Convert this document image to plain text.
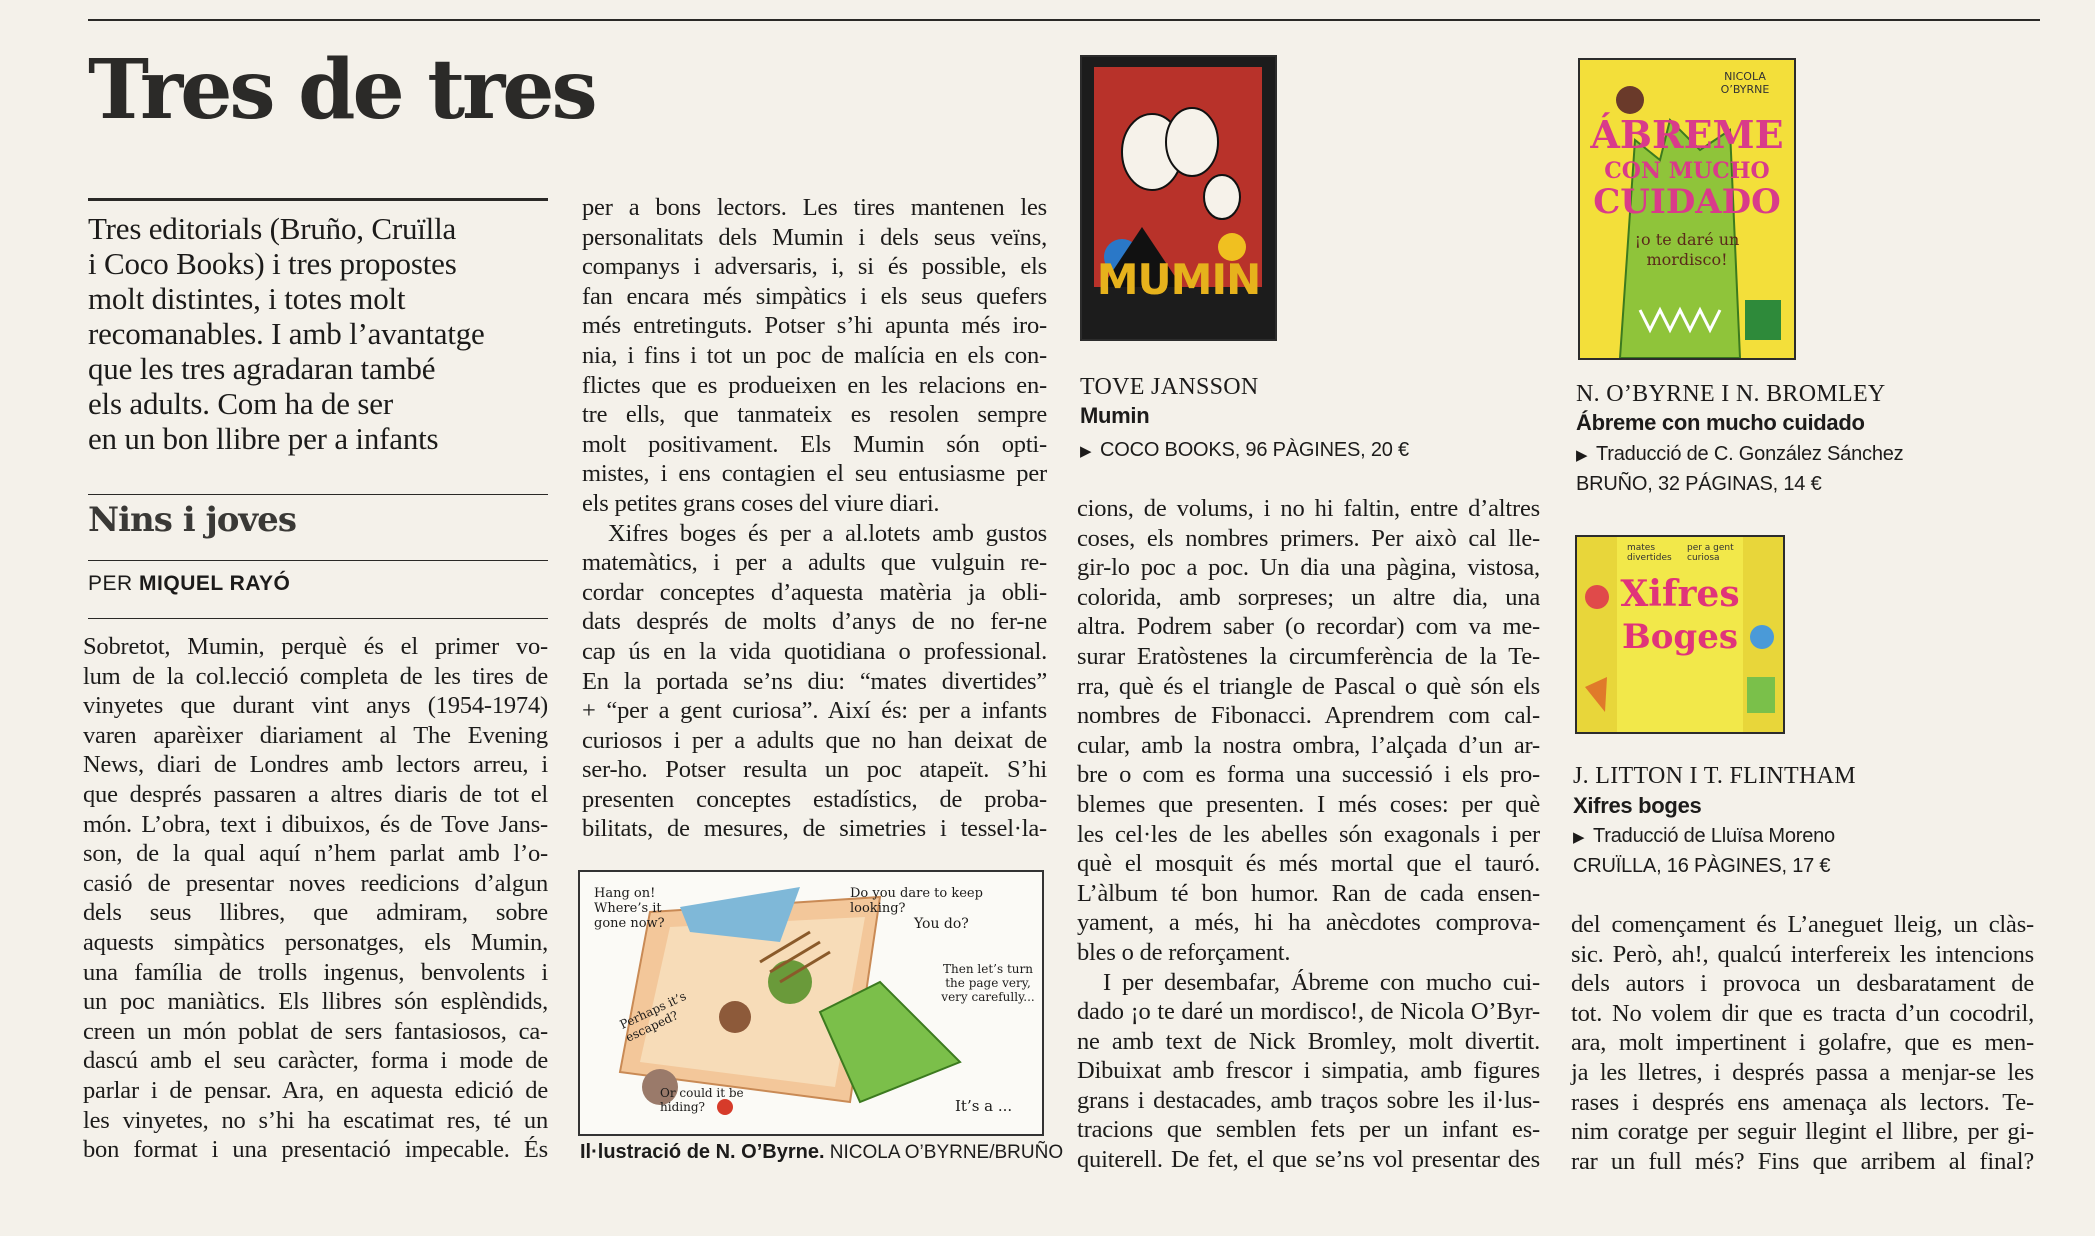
Tres de tres
Tres editorials (Bruño, Cruïlla
i Coco Books) i tres propostes
molt distintes, i totes molt
recomanables. I amb l’avantatge
que les tres agradaran també
els adults. Com ha de ser
en un bon llibre per a infants
Nins i joves
PER MIQUEL RAYÓ
Sobretot, Mumin, perquè és el primer vo-
lum de la col.lecció completa de les tires de
vinyetes que durant vint anys (1954-1974)
varen aparèixer diariament al The Evening
News, diari de Londres amb lectors arreu, i
que després passaren a altres diaris de tot el
món. L’obra, text i dibuixos, és de Tove Jans-
son, de la qual aquí n’hem parlat amb l’o-
casió de presentar noves reedicions d’algun
dels seus llibres, que admiram, sobre
aquests simpàtics personatges, els Mumin,
una família de trolls ingenus, benvolents i
un poc maniàtics. Els llibres són esplèndids,
creen un món poblat de sers fantasiosos, ca-
dascú amb el seu caràcter, forma i mode de
parlar i de pensar. Ara, en aquesta edició de
les vinyetes, no s’hi ha escatimat res, té un
bon format i una presentació impecable. És
per a bons lectors. Les tires mantenen les
personalitats dels Mumin i dels seus veïns,
companys i adversaris, i, si és possible, els
fan encara més simpàtics i els seus quefers
més entretinguts. Potser s’hi apunta més iro-
nia, i fins i tot un poc de malícia en els con-
flictes que es produeixen en les relacions en-
tre ells, que tanmateix es resolen sempre
molt positivament. Els Mumin són opti-
mistes, i ens contagien el seu entusiasme per
els petites grans coses del viure diari.
Xifres boges és per a al.lotets amb gustos
matemàtics, i per a adults que vulguin re-
cordar conceptes d’aquesta matèria ja obli-
dats després de molts d’anys de no fer-ne
cap ús en la vida quotidiana o professional.
En la portada se’ns diu: “mates divertides”
+ “per a gent curiosa”. Així és: per a infants
curiosos i per a adults que no han deixat de
ser-ho. Potser resulta un poc atapeït. S’hi
presenten conceptes estadístics, de proba-
bilitats, de mesures, de simetries i tessel·la-
Hang on! Where’s it gone now?
Do you dare to keep looking?
You do?
Then let’s turn the page very, very carefully...
Perhaps it’s escaped?
Or could it be hiding?	It’s a ...
Il·lustració de N. O’Byrne. NICOLA O’BYRNE/BRUÑO
MUMIN
TOVE JANSSON
Mumin
▶ COCO BOOKS, 96 PÀGINES, 20 €
cions, de volums, i no hi faltin, entre d’altres
coses, els nombres primers. Per això cal lle-
gir-lo poc a poc. Un dia una pàgina, vistosa,
colorida, amb sorpreses; un altre dia, una
altra. Podrem saber (o recordar) com va me-
surar Eratòstenes la circumferència de la Te-
rra, què és el triangle de Pascal o què són els
nombres de Fibonacci. Aprendrem com cal-
cular, amb la nostra ombra, l’alçada d’un ar-
bre o com es forma una successió i els pro-
blemes que presenten. I més coses: per què
les cel·les de les abelles són exagonals i per
què el mosquit és més mortal que el tauró.
L’àlbum té bon humor. Ran de cada ensen-
yament, a més, hi ha anècdotes comprova-
bles o de reforçament.
I per desembafar, Ábreme con mucho cui-
dado ¡o te daré un mordisco!, de Nicola O’Byr-
ne amb text de Nick Bromley, molt divertit.
Dibuixat amb frescor i simpatia, amb figures
grans i destacades, amb traços sobre les il·lus-
tracions que semblen fets per un infant es-
quiterell. De fet, el que se’ns vol presentar des
NICOLA O’BYRNE
ÁBREME
CON MUCHO
CUIDADO
¡o te daré un
mordisco!
N. O’BYRNE I N. BROMLEY
Ábreme con mucho cuidado
▶ Traducció de C. González Sánchez
BRUÑO, 32 PÁGINAS, 14 €
mates divertides
per a gent curiosa
Xifres
Boges
J. LITTON I T. FLINTHAM
Xifres boges
▶ Traducció de Lluïsa Moreno
CRUÏLLA, 16 PÀGINES, 17 €
del començament és L’aneguet lleig, un clàs-
sic. Però, ah!, qualcú interfereix les intencions
dels autors i provoca un desbaratament de
tot. No volem dir que es tracta d’un cocodril,
ara, molt impertinent i golafre, que es men-
ja les lletres, i després passa a menjar-se les
rases i després ens amenaça als lectors. Te-
nim coratge per seguir llegint el llibre, per gi-
rar un full més? Fins que arribem al final?
